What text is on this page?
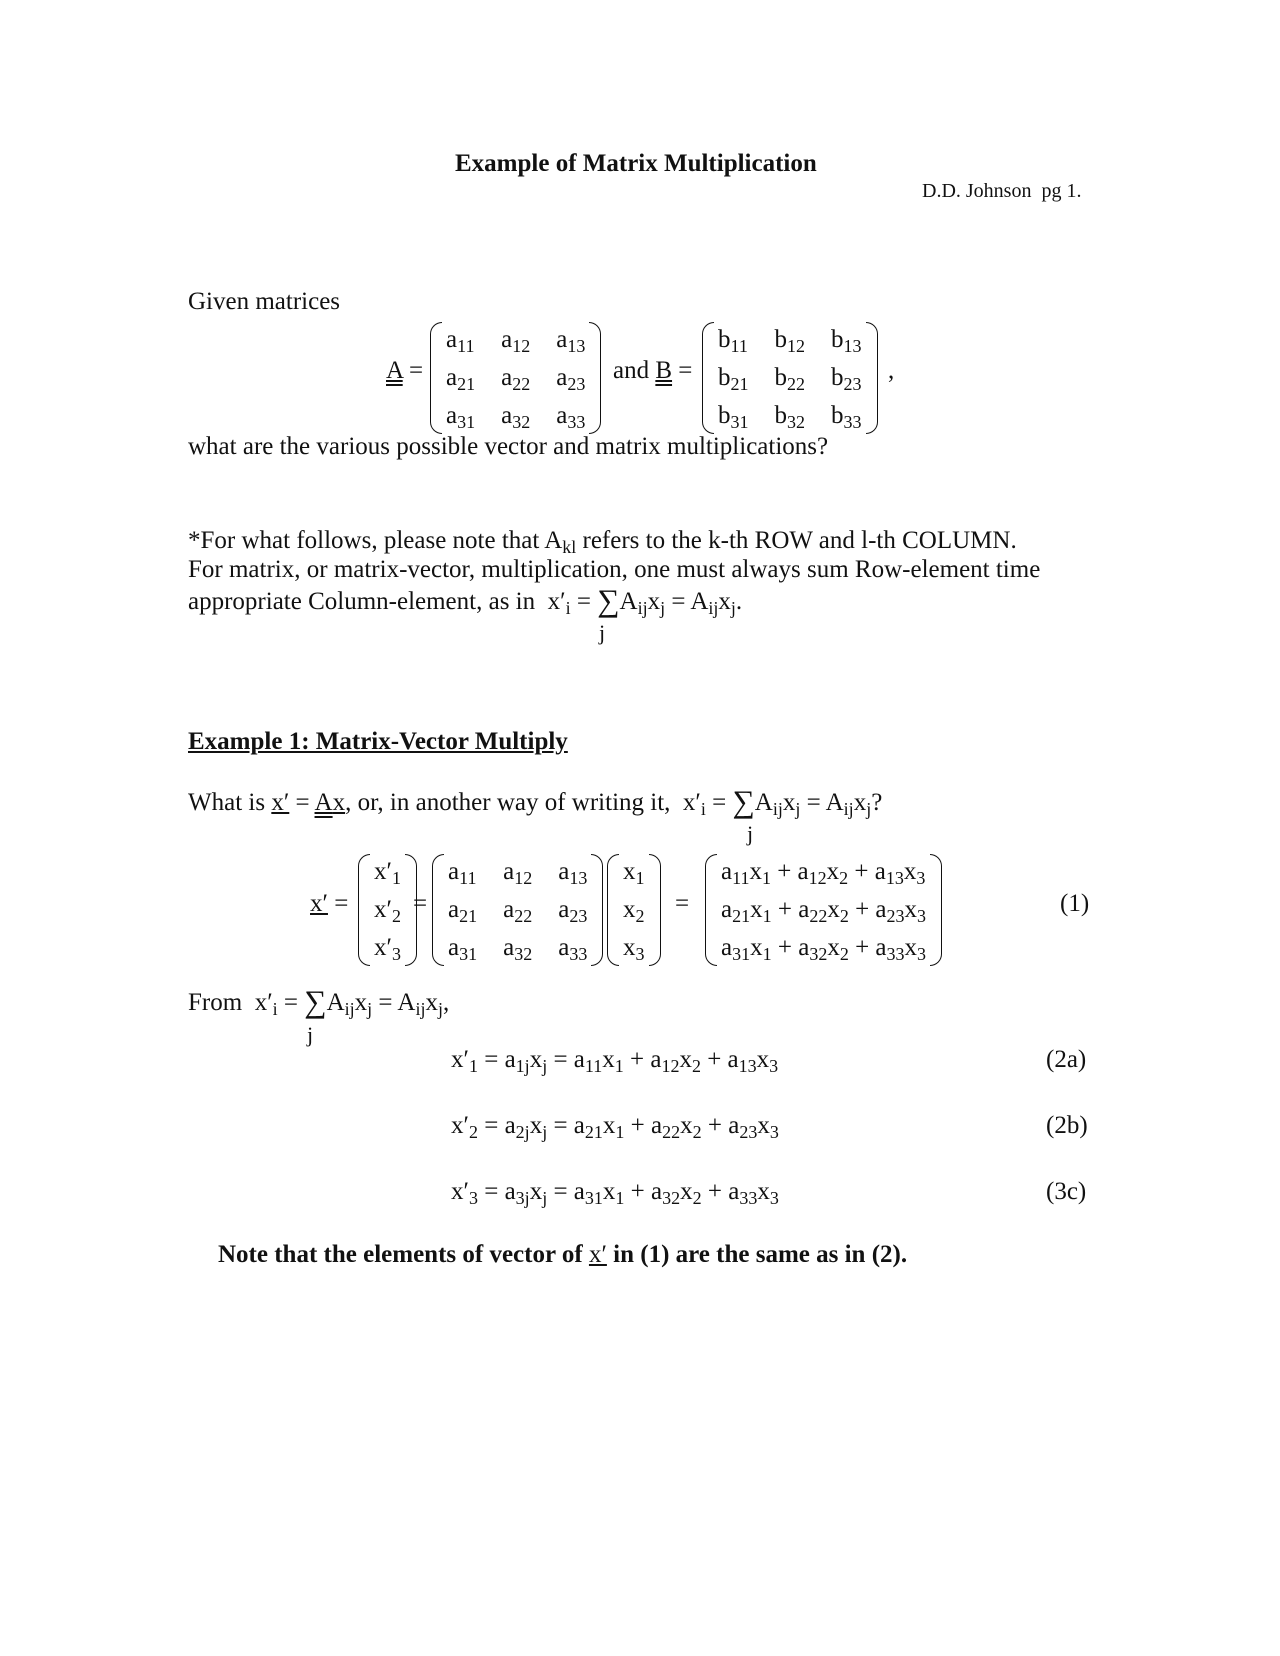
Example of Matrix Multiplication
D.D. Johnson pg 1.
Given matrices
A =
$a_{11}$ $a_{12}$ $a_{13}$
$a_{21}$ $a_{22}$ $a_{23}$
$a_{31}$ $a_{32}$ $a_{33}$
and B =
$b_{11}$ $b_{12}$ $b_{13}$
$b_{21}$ $b_{22}$ $b_{23}$
$b_{31}$ $b_{32}$ $b_{33}$
,
what are the various possible vector and matrix multiplications?
*For what follows, please note that $A_{kl}$ refers to the k-th ROW and l-th COLUMN.
For matrix, or matrix-vector, multiplication, one must always sum Row-element time
appropriate Column-element, as in $x'_i = \sum A_{ij}x_j = A_{ij}x_j$.
j
Example 1: Matrix-Vector Multiply
What is x′ = Ax, or, in another way of writing it,  $x'_i = \sum A_{ij}x_j = A_{ij}x_j$?
j
x′ =
$x'_1$
$x'_2$
$x'_3$
=
$a_{11}$ $a_{12}$ $a_{13}$
$a_{21}$ $a_{22}$ $a_{23}$
$a_{31}$ $a_{32}$ $a_{33}$
$x_1$
$x_2$
$x_3$
=
$a_{11}x_1 + a_{12}x_2 + a_{13}x_3$
$a_{21}x_1 + a_{22}x_2 + a_{23}x_3$
$a_{31}x_1 + a_{32}x_2 + a_{33}x_3$
(1)
From  $x'_i = \sum A_{ij}x_j = A_{ij}x_j$,
j
$x'_1 = a_{1j}x_j = a_{11}x_1 + a_{12}x_2 + a_{13}x_3$	(2a)
$x'_2 = a_{2j}x_j = a_{21}x_1 + a_{22}x_2 + a_{23}x_3$	(2b)
$x'_3 = a_{3j}x_j = a_{31}x_1 + a_{32}x_2 + a_{33}x_3$	(3c)
Note that the elements of vector of x′ in (1) are the same as in (2).
